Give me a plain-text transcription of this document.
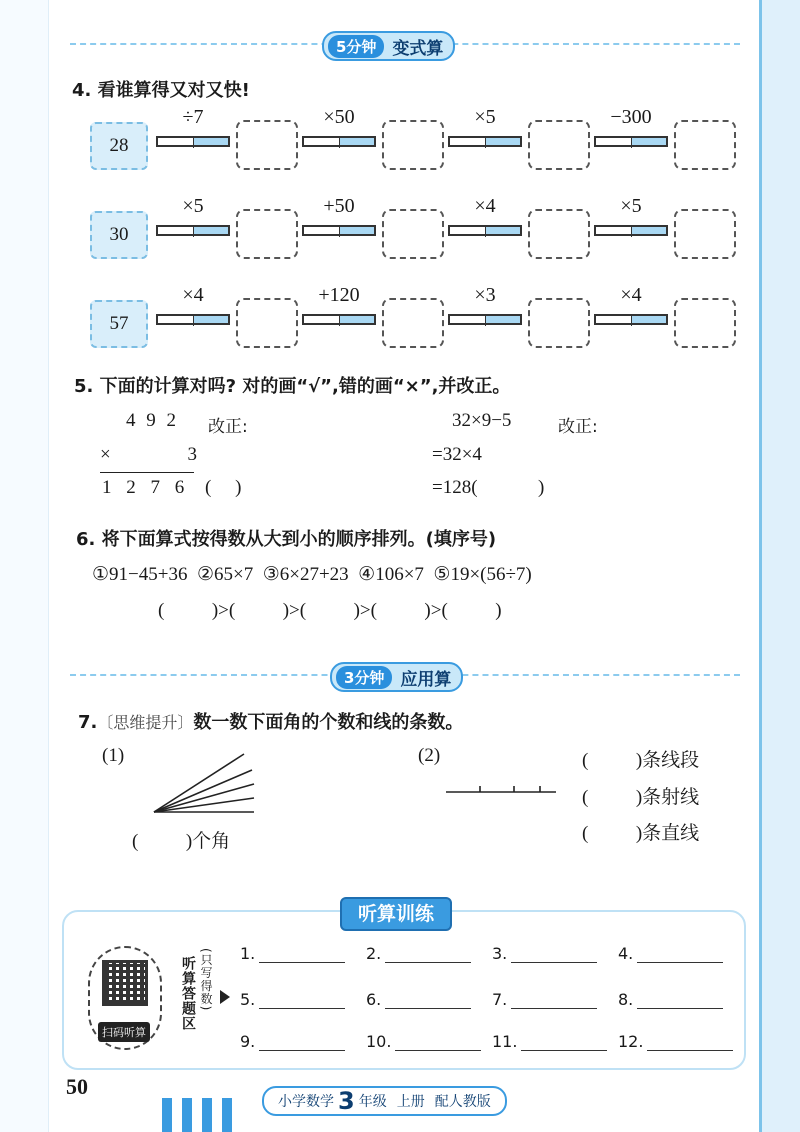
5分钟 变式算
4. 看谁算得又对又快!
28
÷7	×50	×5	−300
30
×5	+50	×4	×5
57
×4	+120	×3	×4
5. 下面的计算对吗? 对的画“√”,错的画“×”,并改正。
4 9 2 改正:
× 3
1 2 7 6 (     )
32×9−5	改正:
=32×4
=128(	)
6. 将下面算式按得数从大到小的顺序排列。(填序号)
①91−45+36  ②65×7  ③6×27+23  ④106×7  ⑤19×(56÷7)
(          )>(          )>(          )>(          )>(          )
3分钟 应用算
7.〔思维提升〕数一数下面角的个数和线的条数。
(1)
(          )个角
(2)	(          )条线段
(          )条射线
(          )条直线
听算训练
扫码听算
听算答题区 (只写得数) 1.	2.	3.	4.
5.	6.	7.	8.
9.	10.	11.	12.
50
小学数学 3 年级 上册 配人教版
